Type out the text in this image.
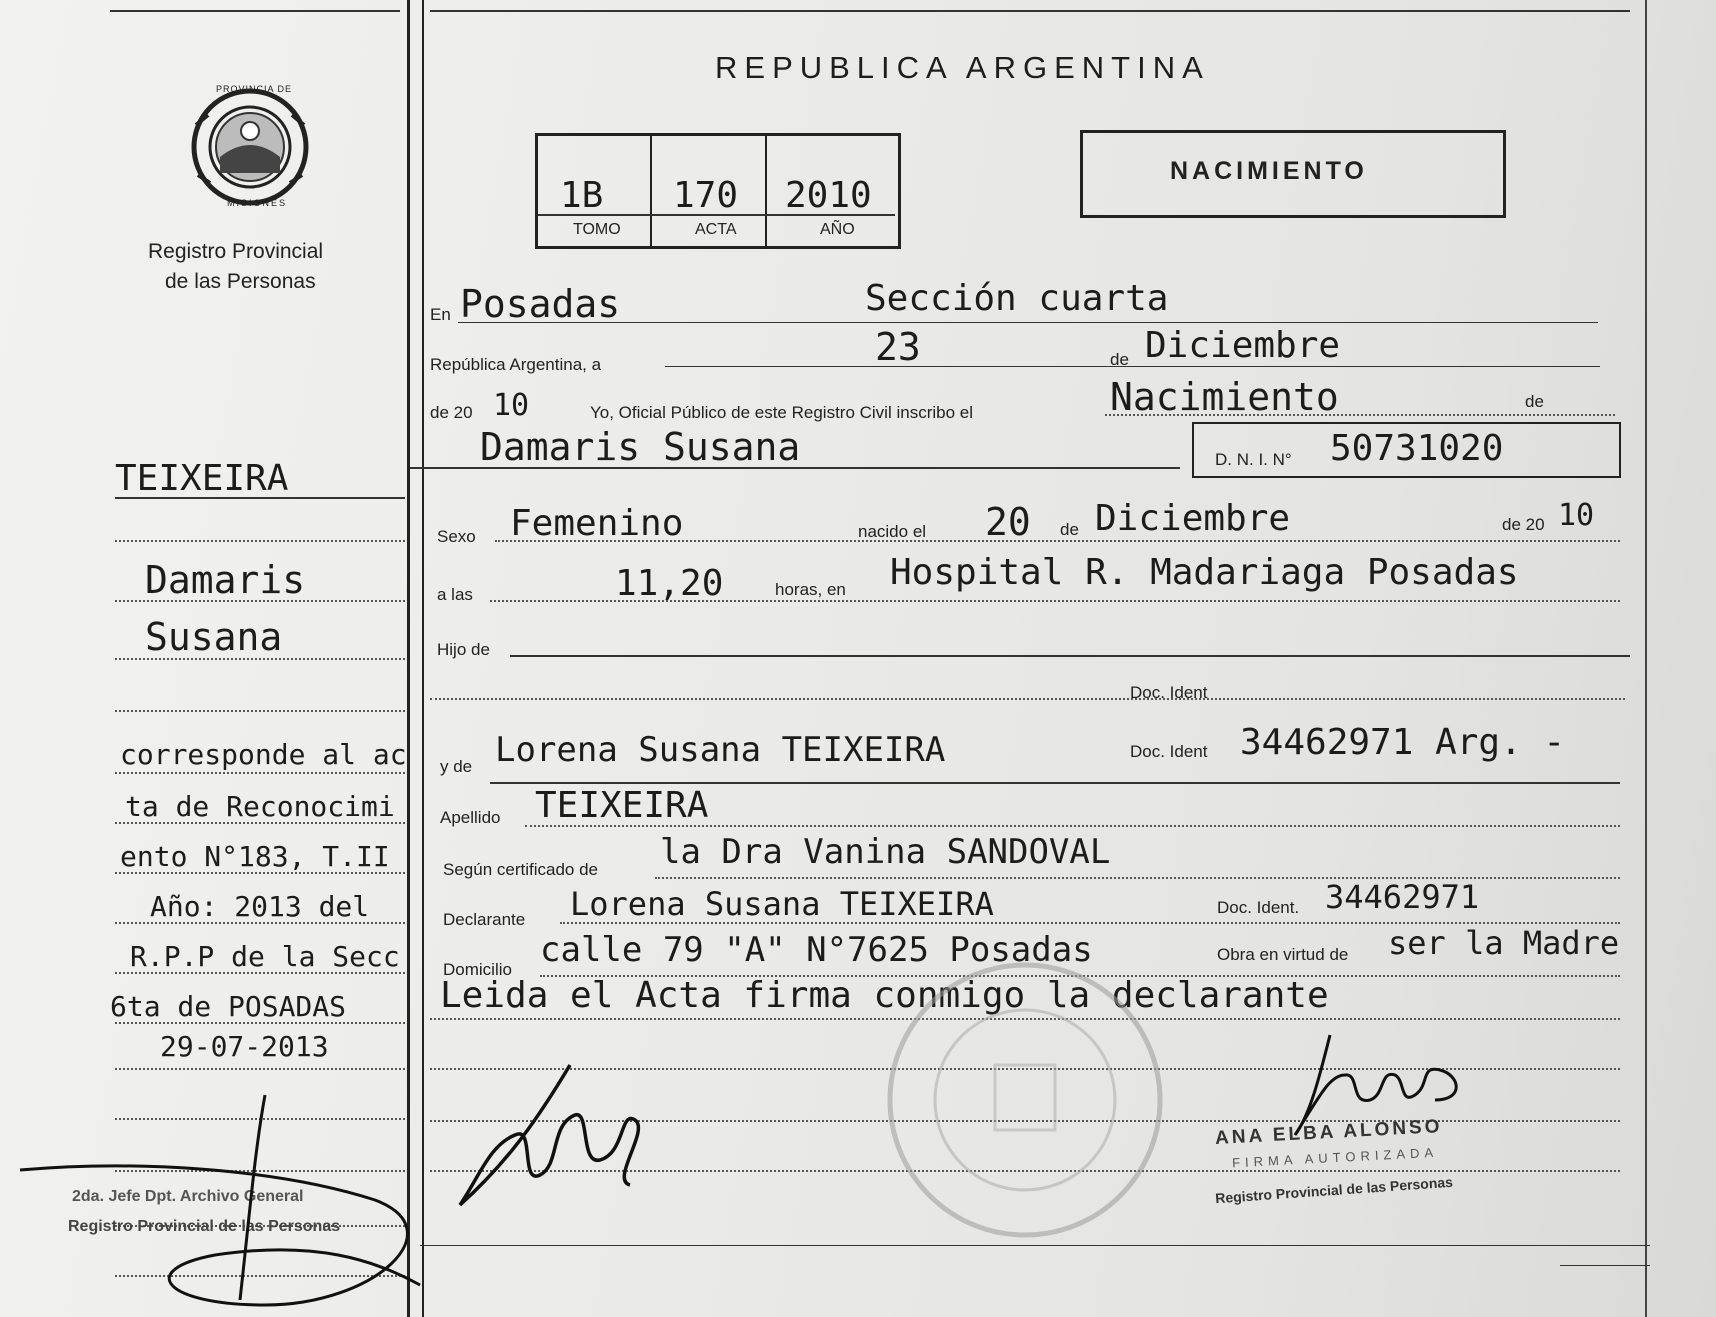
PROVINCIA DE
MISIONES
Registro Provincial
de las Personas
REPUBLICA ARGENTINA
1B 170 2010
TOMO	ACTA	AÑO
NACIMIENTO
En Posadas	Sección cuarta
República Argentina, a	23	de Diciembre
de 20 10	Yo, Oficial Público de este Registro Civil inscribo el	Nacimiento	de
Damaris Susana	D. N. I. N° 50731020
Sexo Femenino	nacido el 20 de Diciembre	de 20 10
a las	11,20	horas, en Hospital R. Madariaga Posadas
Hijo de
Doc. Ident
y de Lorena Susana TEIXEIRA	Doc. Ident 34462971 Arg. -
Apellido TEIXEIRA
Según certificado de la Dra Vanina SANDOVAL
Declarante Lorena Susana TEIXEIRA	Doc. Ident. 34462971
Domicilio calle 79 "A" N°7625 Posadas	Obra en virtud de ser la Madre
Leida el Acta firma conmigo la declarante
ANA ELBA ALONSO
FIRMA AUTORIZADA
Registro Provincial de las Personas
TEIXEIRA
Damaris
Susana
corresponde al ac
ta de Reconocimi
ento N°183, T.II
Año: 2013 del
R.P.P de la Secc
6ta de POSADAS
29-07-2013
2da. Jefe Dpt. Archivo General
Registro Provincial de las Personas
